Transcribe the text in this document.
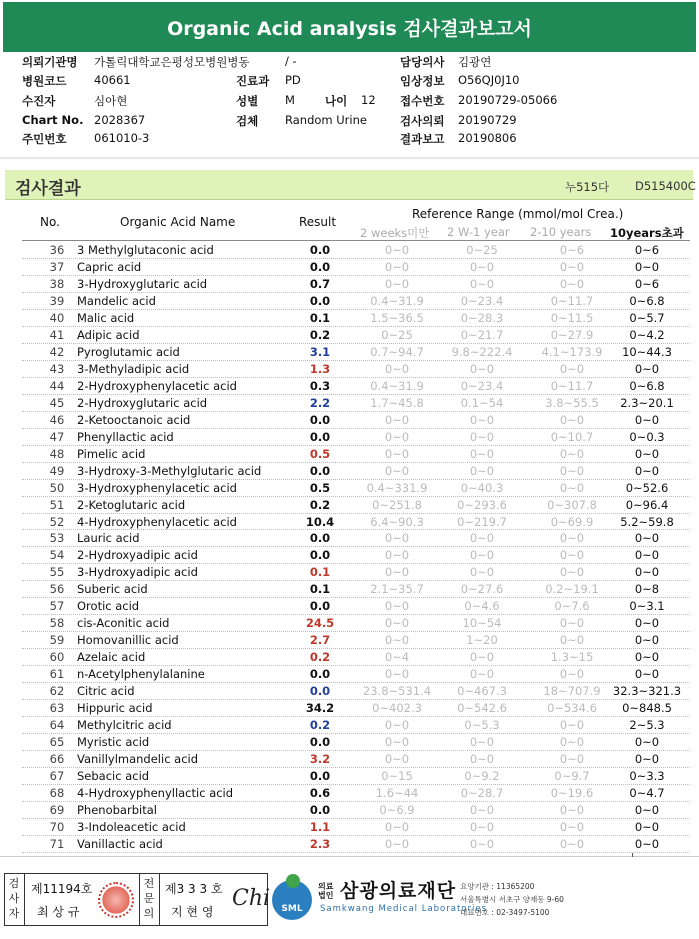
Organic Acid analysis 검사결과보고서
의뢰기관명 가톨릭대학교은평성모병원병동	/ -	담당의사 김광연
병원코드 40661	진료과 PD	임상정보 O56QJ0J10
수진자	심아현	성별 M	나이 12 접수번호 20190729-05066
Chart No. 2028367	검체 Random Urine	검사의뢰 20190729
주민번호 061010-3	결과보고 20190806
검사결과	누515다 D515400C
No.	Organic Acid Name	Result
Reference Range (mmol/mol Crea.)
2 weeks미만 2 W-1 year 2-10 years 10years초과
36	3 Methylglutaconic acid	0.0	0~0	0~25	0~6	0~6
37	Capric acid	0.0	0~0	0~0	0~0	0~0
38	3-Hydroxyglutaric acid	0.7	0~0	0~0	0~0	0~6
39	Mandelic acid	0.0	0.4~31.9	0~23.4	0~11.7	0~6.8
40	Malic acid	0.1	1.5~36.5	0~28.3	0~11.5	0~5.7
41	Adipic acid	0.2	0~25	0~21.7	0~27.9	0~4.2
42	Pyroglutamic acid	3.1	0.7~94.7	9.8~222.4	4.1~173.9	10~44.3
43	3-Methyladipic acid	1.3	0~0	0~0	0~0	0~0
44	2-Hydroxyphenylacetic acid	0.3	0.4~31.9	0~23.4	0~11.7	0~6.8
45	2-Hydroxyglutaric acid	2.2	1.7~45.8	0.1~54	3.8~55.5	2.3~20.1
46	2-Ketooctanoic acid	0.0	0~0	0~0	0~0	0~0
47	Phenyllactic acid	0.0	0~0	0~0	0~10.7	0~0.3
48	Pimelic acid	0.5	0~0	0~0	0~0	0~0
49	3-Hydroxy-3-Methylglutaric acid	0.0	0~0	0~0	0~0	0~0
50	3-Hydroxyphenylacetic acid	0.5	0.4~331.9	0~40.3	0~0	0~52.6
51	2-Ketoglutaric acid	0.2	0~251.8	0~293.6	0~307.8	0~96.4
52	4-Hydroxyphenylacetic acid	10.4	6.4~90.3	0~219.7	0~69.9	5.2~59.8
53	Lauric acid	0.0	0~0	0~0	0~0	0~0
54	2-Hydroxyadipic acid	0.0	0~0	0~0	0~0	0~0
55	3-Hydroxyadipic acid	0.1	0~0	0~0	0~0	0~0
56	Suberic acid	0.1	2.1~35.7	0~27.6	0.2~19.1	0~8
57	Orotic acid	0.0	0~0	0~4.6	0~7.6	0~3.1
58	cis-Aconitic acid	24.5	0~0	10~54	0~0	0~0
59	Homovanillic acid	2.7	0~0	1~20	0~0	0~0
60	Azelaic acid	0.2	0~4	0~0	1.3~15	0~0
61	n-Acetylphenylalanine	0.0	0~0	0~0	0~0	0~0
62	Citric acid	0.0	23.8~531.4	0~467.3	18~707.9	32.3~321.3
63	Hippuric acid	34.2	0~402.3	0~542.6	0~534.6	0~848.5
64	Methylcitric acid	0.2	0~0	0~5.3	0~0	2~5.3
65	Myristic acid	0.0	0~0	0~0	0~0	0~0
66	Vanillylmandelic acid	3.2	0~0	0~0	0~0	0~0
67	Sebacic acid	0.0	0~15	0~9.2	0~9.7	0~3.3
68	4-Hydroxyphenyllactic acid	0.6	1.6~44	0~28.7	0~19.6	0~4.7
69	Phenobarbital	0.0	0~6.9	0~0	0~0	0~0
70	3-Indoleacetic acid	1.1	0~0	0~0	0~0	0~0
71	Vanillactic acid	2.3	0~0	0~0	0~0	0~0
검사자
제11194호
최 상 규
전문의
제3 3 3 호
지 현 영
Chi SML
의료 법인 삼광의료재단
Samkwang Medical Laboratories
요양기관 : 11365200
서울특별시 서초구 양재동 9-60
대표번호 : 02-3497-5100
